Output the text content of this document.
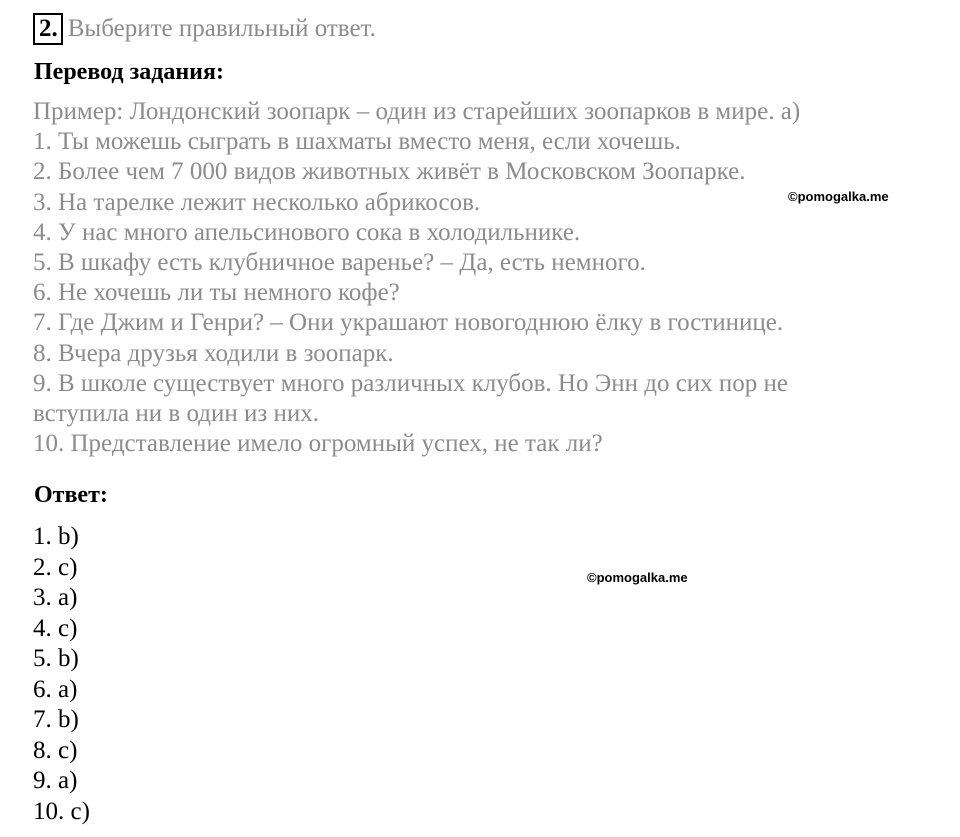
2. Выберите правильный ответ.
Перевод задания:
Пример: Лондонский зоопарк – один из старейших зоопарков в мире. a)
1. Ты можешь сыграть в шахматы вместо меня, если хочешь.
2. Более чем 7 000 видов животных живёт в Московском Зоопарке.
3. На тарелке лежит несколько абрикосов.
4. У нас много апельсинового сока в холодильнике.
5. В шкафу есть клубничное варенье? – Да, есть немного.
6. Не хочешь ли ты немного кофе?
7. Где Джим и Генри? – Они украшают новогоднюю ёлку в гостинице.
8. Вчера друзья ходили в зоопарк.
9. В школе существует много различных клубов. Но Энн до сих пор не
вступила ни в один из них.
10. Представление имело огромный успех, не так ли?
Ответ:
1. b)
2. c)
3. a)
4. c)
5. b)
6. a)
7. b)
8. c)
9. a)
10. c)
©pomogalka.me
©pomogalka.me
